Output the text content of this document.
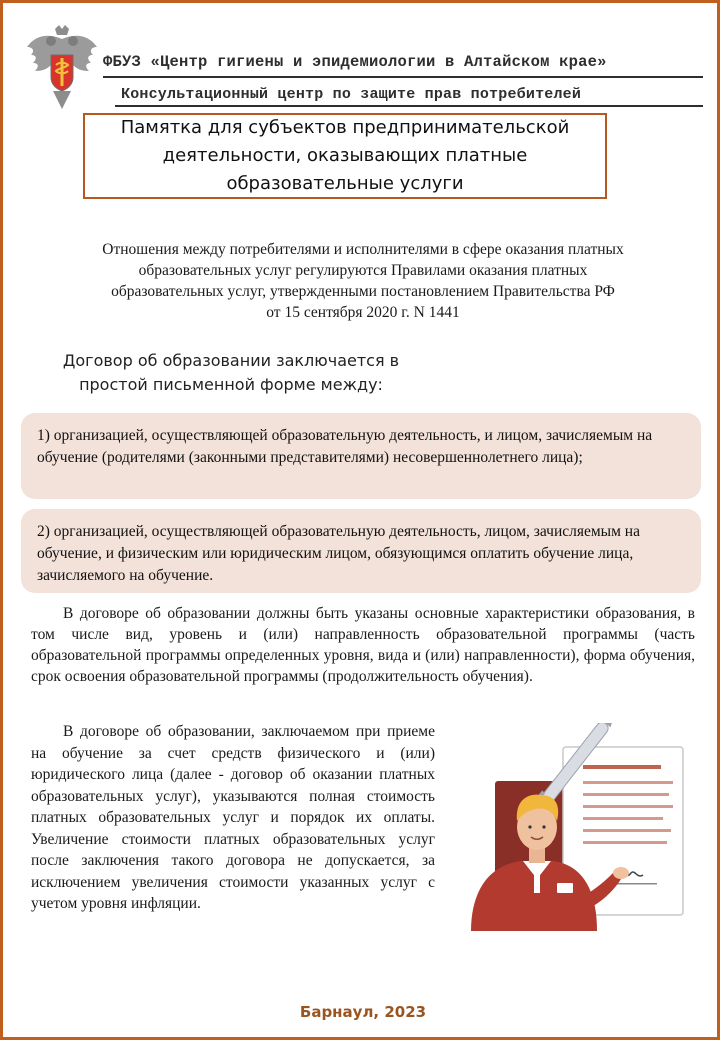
ФБУЗ «Центр гигиены и эпидемиологии в Алтайском крае»
Консультационный центр по защите прав потребителей
Памятка для субъектов предпринимательской
деятельности, оказывающих платные
образовательные услуги
Отношения между потребителями и исполнителями в сфере оказания платных
образовательных услуг регулируются Правилами оказания платных
образовательных услуг, утвержденными постановлением Правительства РФ
от 15 сентября 2020 г. N 1441
Договор об образовании заключается в
простой письменной форме между:
1) организацией, осуществляющей образовательную деятельность, и лицом, зачисляемым на обучение (родителями (законными представителями) несовершеннолетнего лица);
2) организацией, осуществляющей образовательную деятельность, лицом, зачисляемым на обучение, и физическим или юридическим лицом, обязующимся оплатить обучение лица, зачисляемого на обучение.
В договоре об образовании должны быть указаны основные характеристики образования, в том числе вид, уровень и (или) направленность образовательной программы (часть образовательной программы определенных уровня, вида и (или) направленности), форма обучения, срок освоения образовательной программы (продолжительность обучения).
В договоре об образовании, заключаемом при приеме на обучение за счет средств физического и (или) юридического лица (далее - договор об оказании платных образовательных услуг), указываются полная стоимость платных образовательных услуг и порядок их оплаты. Увеличение стоимости платных образовательных услуг после заключения такого договора не допускается, за исключением увеличения стоимости указанных услуг с учетом уровня инфляции.
Барнаул, 2023
